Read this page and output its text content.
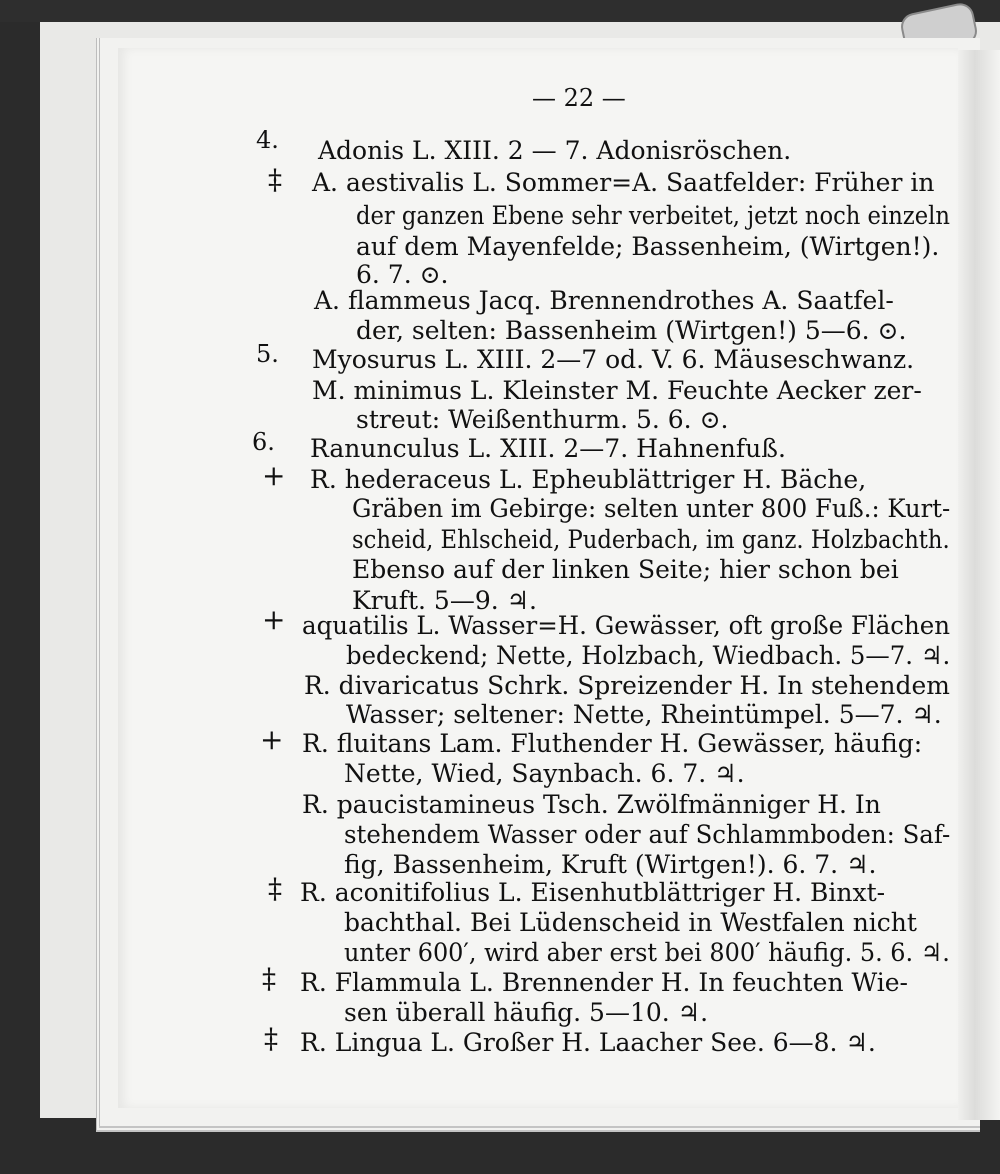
— 22 —
4. Adonis L. XIII. 2 — 7. Adonisröschen.
‡ A. aestivalis L. Sommer=A. Saatfelder: Früher in
der ganzen Ebene sehr verbeitet, jetzt noch einzeln
auf dem Mayenfelde; Bassenheim, (Wirtgen!).
6. 7. ⊙.
A. flammeus Jacq. Brennendrothes A. Saatfel-
der, selten: Bassenheim (Wirtgen!) 5—6. ⊙.
5. Myosurus L. XIII. 2—7 od. V. 6. Mäuseschwanz.
M. minimus L. Kleinster M. Feuchte Aecker zer-
streut: Weißenthurm. 5. 6. ⊙.
6. Ranunculus L. XIII. 2—7. Hahnenfuß.
+ R. hederaceus L. Epheublättriger H. Bäche,
Gräben im Gebirge: selten unter 800 Fuß.: Kurt-
scheid, Ehlscheid, Puderbach, im ganz. Holzbachth.
Ebenso auf der linken Seite; hier schon bei
Kruft. 5—9. ♃.
+ aquatilis L. Wasser=H. Gewässer, oft große Flächen
bedeckend; Nette, Holzbach, Wiedbach. 5—7. ♃.
R. divaricatus Schrk. Spreizender H. In stehendem
Wasser; seltener: Nette, Rheintümpel. 5—7. ♃.
+ R. fluitans Lam. Fluthender H. Gewässer, häufig:
Nette, Wied, Saynbach. 6. 7. ♃.
R. paucistamineus Tsch. Zwölfmänniger H. In
stehendem Wasser oder auf Schlammboden: Saf-
fig, Bassenheim, Kruft (Wirtgen!). 6. 7. ♃.
‡ R. aconitifolius L. Eisenhutblättriger H. Binxt-
bachthal. Bei Lüdenscheid in Westfalen nicht
unter 600′, wird aber erst bei 800′ häufig. 5. 6. ♃.
‡ R. Flammula L. Brennender H. In feuchten Wie-
sen überall häufig. 5—10. ♃.
‡ R. Lingua L. Großer H. Laacher See. 6—8. ♃.
